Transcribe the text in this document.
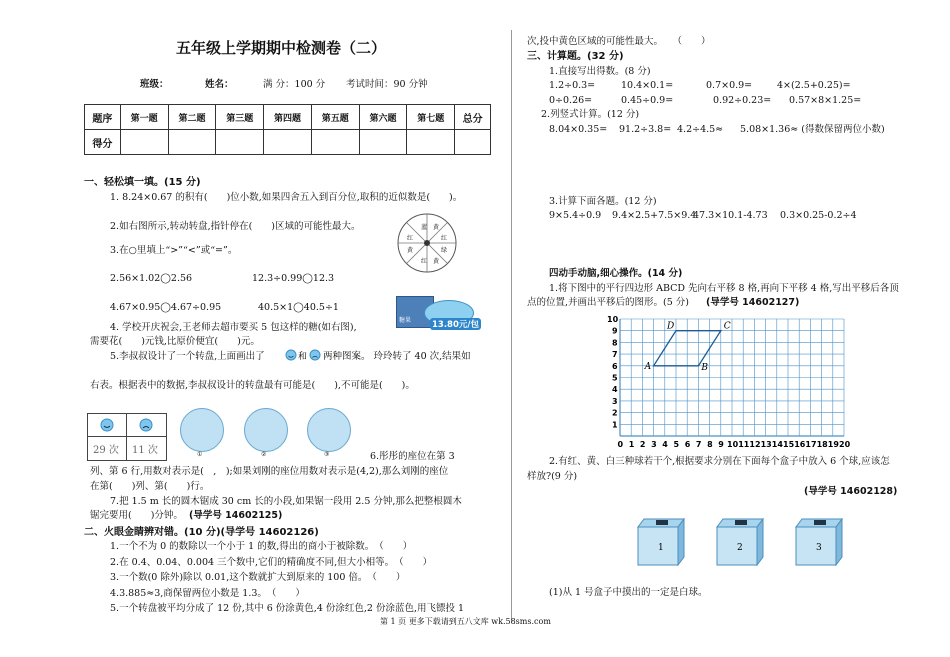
五年级上学期期中检测卷（二）
班级：	姓名：	满 分：100 分 考试时间：90 分钟
题序	第一题	第二题	第三题	第四题	第五题	第六题	第七题	总分
得分								
一、轻松填一填。(15 分)
1. 8.24×0.67 的积有(　　)位小数,如果四舍五入到百分位,取积的近似数是(　　)。
2.如右图所示,转动转盘,指针停在(　　)区域的可能性最大。	蓝 黄
红
绿
黄
红
黄
红
3.在○里填上“>”“<”或“=”。
2.56×1.02◯2.56	12.3÷0.99◯12.3
4.67×0.95◯4.67÷0.95	40.5×1◯40.5÷1
糖果 13.80元/包
4. 学校开庆祝会,王老师去超市要买 5 包这样的糖(如右图),
需要花(　　)元钱,比原价便宜(　　)元。
5.李叔叔设计了一个转盘,上面画出了	和 两种图案。 玲玲转了 40 次,结果如
右表。根据表中的数据,李叔叔设计的转盘最有可能是(　　),不可能是(　　)。
29 次 11 次	①	②	③	6.彤彤的座位在第 3
列、第 6 行,用数对表示是(　,　);如果刘刚的座位用数对表示是(4,2),那么刘刚的座位
在第(　　)列、第(　　)行。
7.把 1.5 m 长的圆木锯成 30 cm 长的小段,如果锯一段用 2.5 分钟,那么把整根圆木
锯完要用(　　)分钟。 (导学号 14602125)
二、火眼金睛辨对错。(10 分)(导学号 14602126)
1.一个不为 0 的数除以一个小于 1 的数,得出的商小于被除数。　（　　）
2.在 0.4、0.04、0.004 三个数中,它们的精确度不同,但大小相等。　（　　）
3.一个数(0 除外)除以 0.01,这个数就扩大到原来的 100 倍。　（　　）
4.3.885≈3,商保留两位小数是 1.3。　（　　）
5.一个转盘被平均分成了 12 份,其中 6 份涂黄色,4 份涂红色,2 份涂蓝色,用飞镖投 1
次,投中黄色区域的可能性最大。　　（　　）
三、计算题。(32 分)
1.直接写出得数。(8 分)
1.2÷0.3=	10.4×0.1=	0.7×0.9=	4×(2.5+0.25)=
0÷0.26=	0.45÷0.9=	0.92÷0.23= 0.57×8×1.25=
2.列竖式计算。(12 分)
8.04×0.35= 91.2÷3.8= 4.2÷4.5≈ 5.08×1.36≈ (得数保留两位小数)
3.计算下面各题。(12 分)
9×5.4÷0.9 9.4×2.5+7.5×9.4
47.3×10.1-4.73 0.3×0.25-0.2÷4
四动手动脑,细心操作。(14 分)
1.将下图中的平行四边形 ABCD 先向右平移 8 格,再向下平移 4 格,写出平移后各顶
点的位置,并画出平移后的图形。(5 分) (导学号 14602127)
0 1 2 3 4 5 6 7 8 9 10 11 12 13 14 15 16 17 18 19 20
1
2
3
4
5
6
7
8
9
10
A	B
C
D
2.有红、黄、白三种球若干个,根据要求分别在下面每个盒子中放入 6 个球,应该怎
样放?(9 分)
(导学号 14602128)
1	2	3
(1)从 1 号盒子中摸出的一定是白球。
第 1 页 更多下载请到五八文库 wk.58sms.com
